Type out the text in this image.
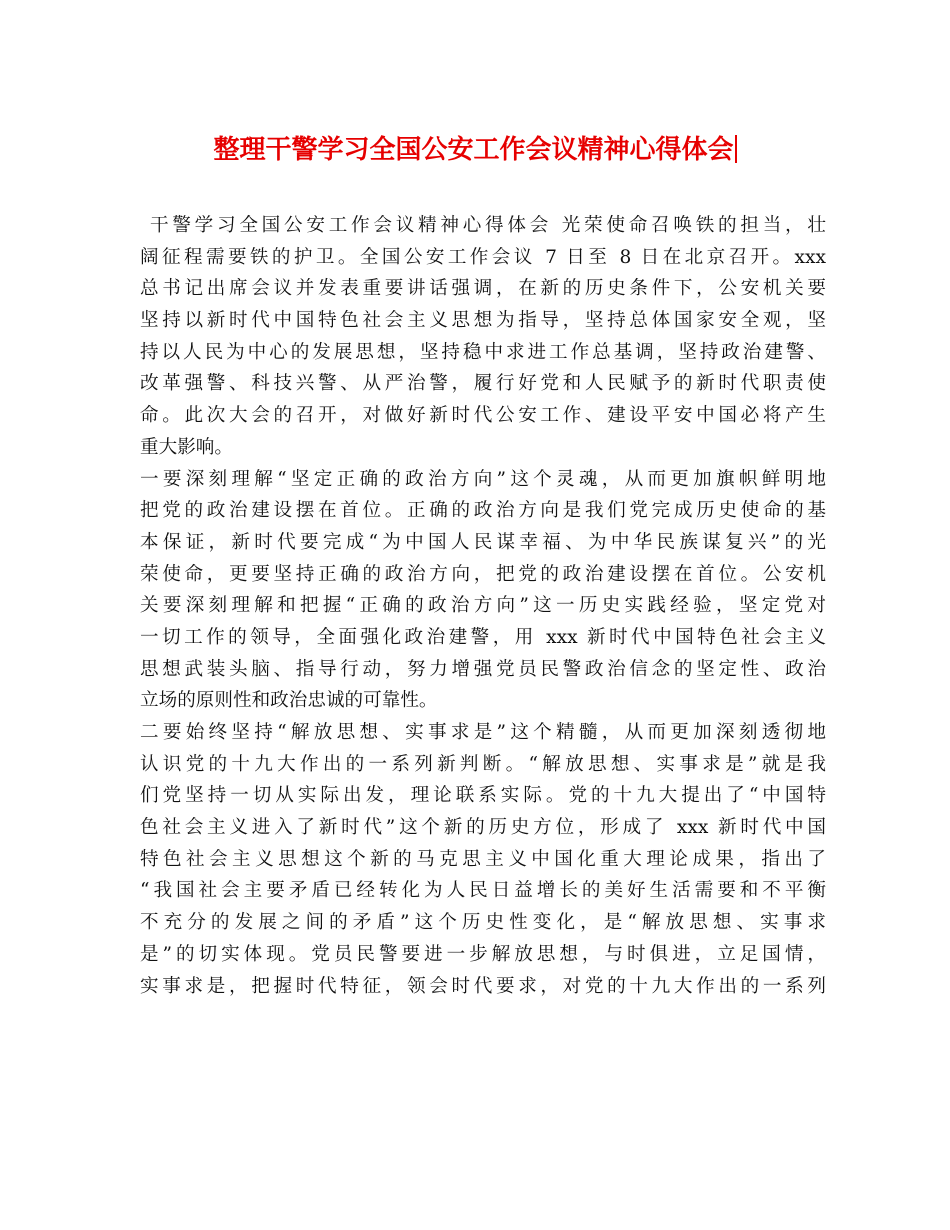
整理干警学习全国公安工作会议精神心得体会
干警学习全国公安工作会议精神心得体会 光荣使命召唤铁的担当，壮
阔征程需要铁的护卫。全国公安工作会议 7 日至 8 日在北京召开。xxx
总书记出席会议并发表重要讲话强调，在新的历史条件下，公安机关要
坚持以新时代中国特色社会主义思想为指导，坚持总体国家安全观，坚
持以人民为中心的发展思想，坚持稳中求进工作总基调，坚持政治建警、
改革强警、科技兴警、从严治警，履行好党和人民赋予的新时代职责使
命。此次大会的召开，对做好新时代公安工作、建设平安中国必将产生
重大影响。
一要深刻理解“坚定正确的政治方向”这个灵魂，从而更加旗帜鲜明地
把党的政治建设摆在首位。正确的政治方向是我们党完成历史使命的基
本保证，新时代要完成“为中国人民谋幸福、为中华民族谋复兴”的光
荣使命，更要坚持正确的政治方向，把党的政治建设摆在首位。公安机
关要深刻理解和把握“正确的政治方向”这一历史实践经验，坚定党对
一切工作的领导，全面强化政治建警，用 xxx 新时代中国特色社会主义
思想武装头脑、指导行动，努力增强党员民警政治信念的坚定性、政治
立场的原则性和政治忠诚的可靠性。
二要始终坚持“解放思想、实事求是”这个精髓，从而更加深刻透彻地
认识党的十九大作出的一系列新判断。“解放思想、实事求是”就是我
们党坚持一切从实际出发，理论联系实际。党的十九大提出了“中国特
色社会主义进入了新时代”这个新的历史方位，形成了 xxx 新时代中国
特色社会主义思想这个新的马克思主义中国化重大理论成果，指出了
“我国社会主要矛盾已经转化为人民日益增长的美好生活需要和不平衡
不充分的发展之间的矛盾”这个历史性变化，是“解放思想、实事求
是”的切实体现。党员民警要进一步解放思想，与时俱进，立足国情，
实事求是，把握时代特征，领会时代要求，对党的十九大作出的一系列
